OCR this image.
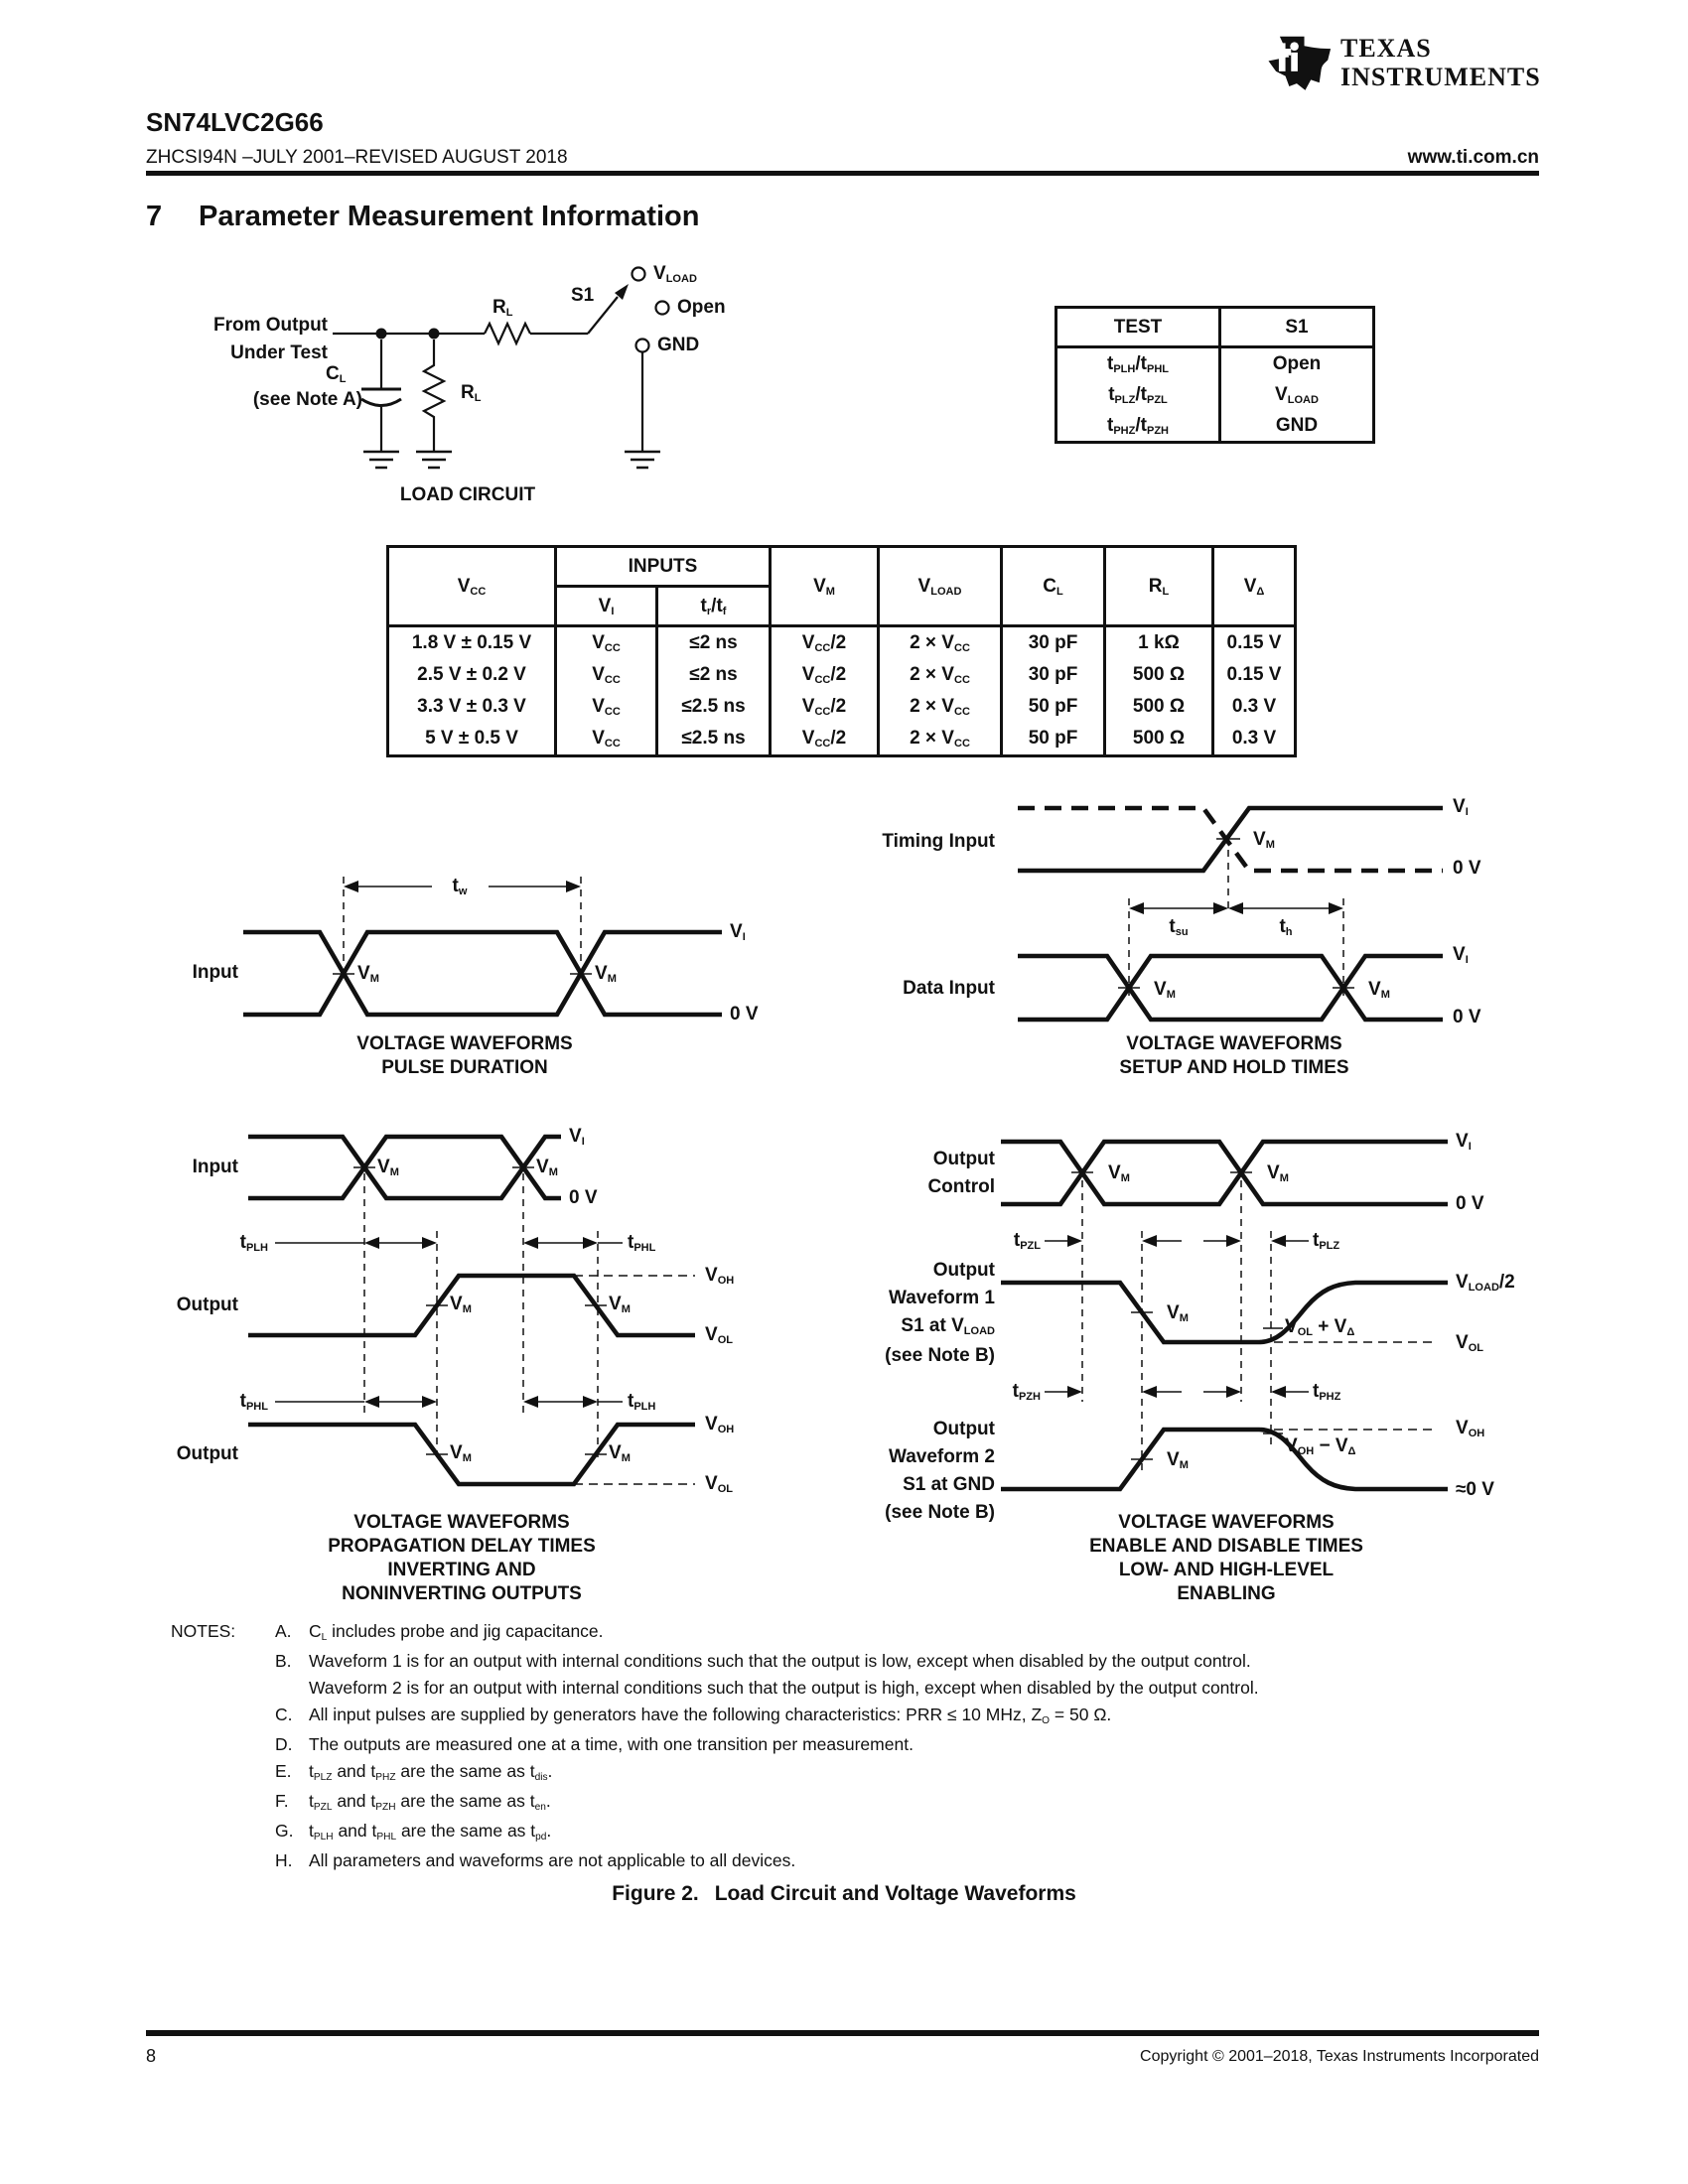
TEXAS
INSTRUMENTS
SN74LVC2G66
ZHCSI94N –JULY 2001–REVISED AUGUST 2018	www.ti.com.cn
7 Parameter Measurement Information
From Output
Under Test
CL
(see Note A)
RL
RL
S1
VLOAD
Open
GND
LOAD CIRCUIT
TEST	S1
tPLH/tPHL	Open
tPLZ/tPZL	VLOAD
tPHZ/tPZH	GND
VCC	INPUTS		VM	VLOAD	CL	RL	VΔ
	VI	tr/tf					
1.8 V ± 0.15 V	VCC	≤2 ns	VCC/2	2 × VCC	30 pF	1 kΩ	0.15 V
2.5 V ± 0.2 V	VCC	≤2 ns	VCC/2	2 × VCC	30 pF	500 Ω	0.15 V
3.3 V ± 0.3 V	VCC	≤2.5 ns	VCC/2	2 × VCC	50 pF	500 Ω	0.3 V
5 V ± 0.5 V	VCC	≤2.5 ns	VCC/2	2 × VCC	50 pF	500 Ω	0.3 V
Input
tw
VM	VM
VI
0 V
VOLTAGE WAVEFORMS
PULSE DURATION
Timing Input
Data Input
VM
VM	VM
tsu	th
VI
0 V
VI
0 V
VOLTAGE WAVEFORMS
SETUP AND HOLD TIMES
Input
Output
Output
VM	VM
VM	VM
VM	VM
tPLH	tPHL
tPHL	tPLH
VI
0 V
VOH
VOL
VOH
VOL
VOLTAGE WAVEFORMS
PROPAGATION DELAY TIMES
INVERTING AND NONINVERTING OUTPUTS
Output
Control
Output
Waveform 1
S1 at VLOAD
(see Note B)
Output
Waveform 2
S1 at GND
(see Note B)
VM	VM
VM
VM
tPZL	tPLZ
tPZH	tPHZ
VI
0 V
VLOAD/2
VOL
VOL + VΔ
VOH
VOH − VΔ
≈0 V
VOLTAGE WAVEFORMS
ENABLE AND DISABLE TIMES
LOW- AND HIGH-LEVEL ENABLING
NOTES: A. CL includes probe and jig capacitance.
B. Waveform 1 is for an output with internal conditions such that the output is low, except when disabled by the output control.
Waveform 2 is for an output with internal conditions such that the output is high, except when disabled by the output control.
C. All input pulses are supplied by generators have the following characteristics: PRR ≤ 10 MHz, ZO = 50 Ω.
D. The outputs are measured one at a time, with one transition per measurement.
E. tPLZ and tPHZ are the same as tdis.
F.	tPZL and tPZH are the same as ten.
G. tPLH and tPHL are the same as tpd.
H. All parameters and waveforms are not applicable to all devices.
Figure 2. Load Circuit and Voltage Waveforms
8	Copyright © 2001–2018, Texas Instruments Incorporated
